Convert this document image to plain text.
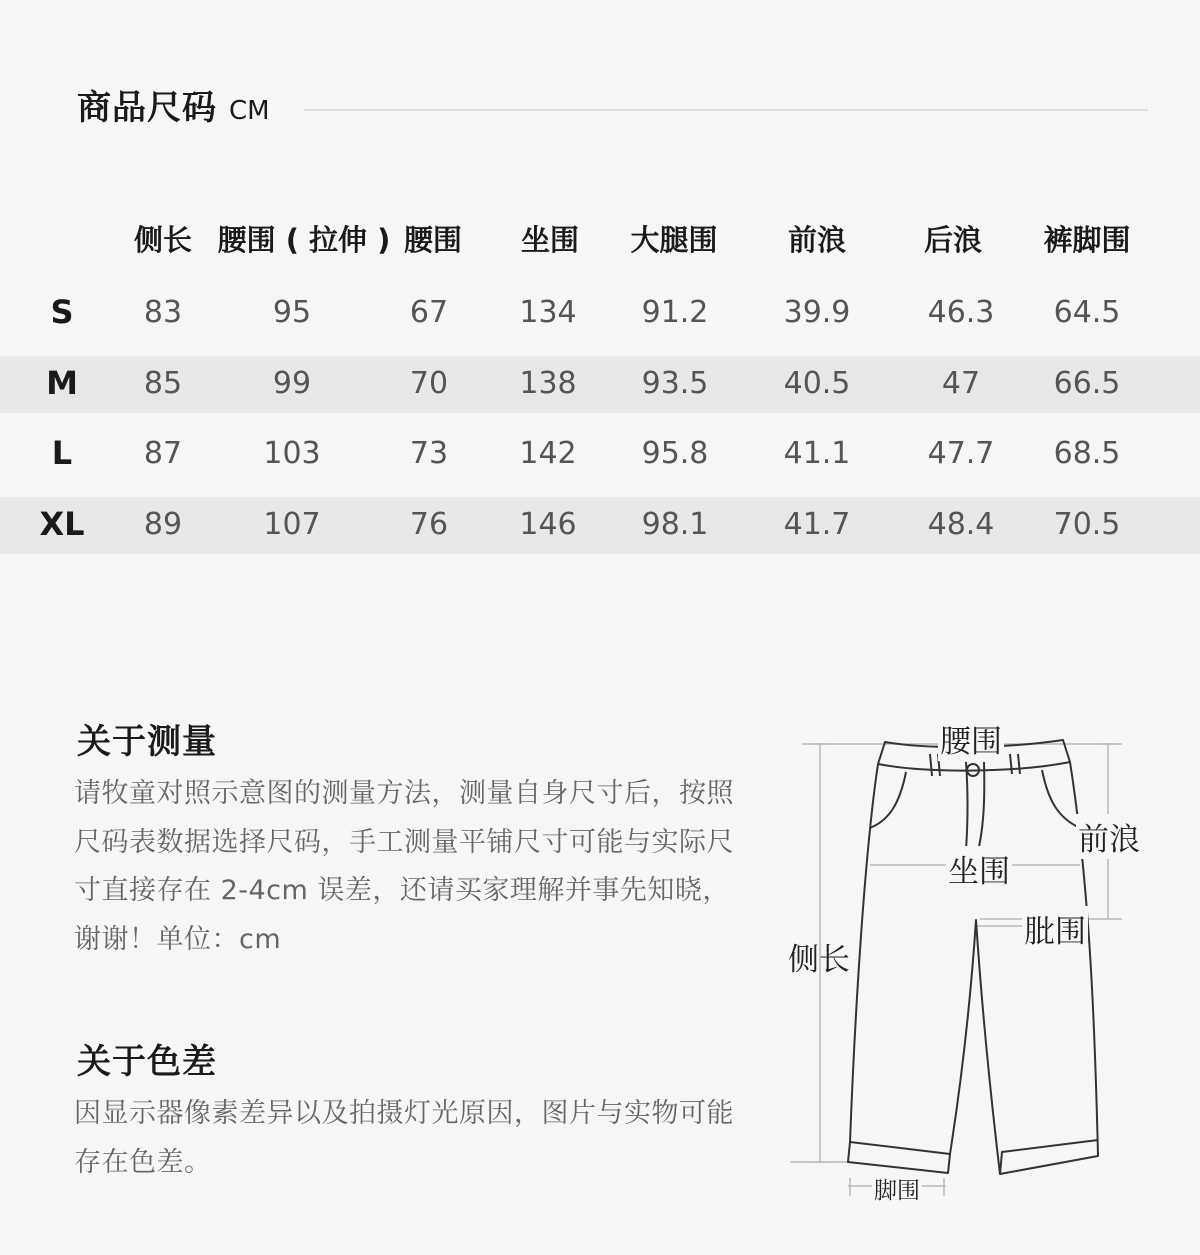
商品尺码 CM
侧长 腰围 ( 拉伸 ) 腰围 坐围 大腿围 前浪	后浪 裤脚围
S 83	95	67 134 91.2	39.9	46.3 64.5
M 85	99	70 138 93.5	40.5	47 66.5
L 87	103	73 142 95.8	41.1	47.7 68.5
XL 89	107	76 146 98.1	41.7	48.4 70.5
关于测量
请牧童对照示意图的测量方法，测量自身尺寸后，按照
尺码表数据选择尺码，手工测量平铺尺寸可能与实际尺
寸直接存在 2-4cm 误差，还请买家理解并事先知晓，
谢谢！单位：cm
关于色差
因显示器像素差异以及拍摄灯光原因，图片与实物可能
存在色差。
腰围
前浪
坐围
肶围
侧长
脚围
